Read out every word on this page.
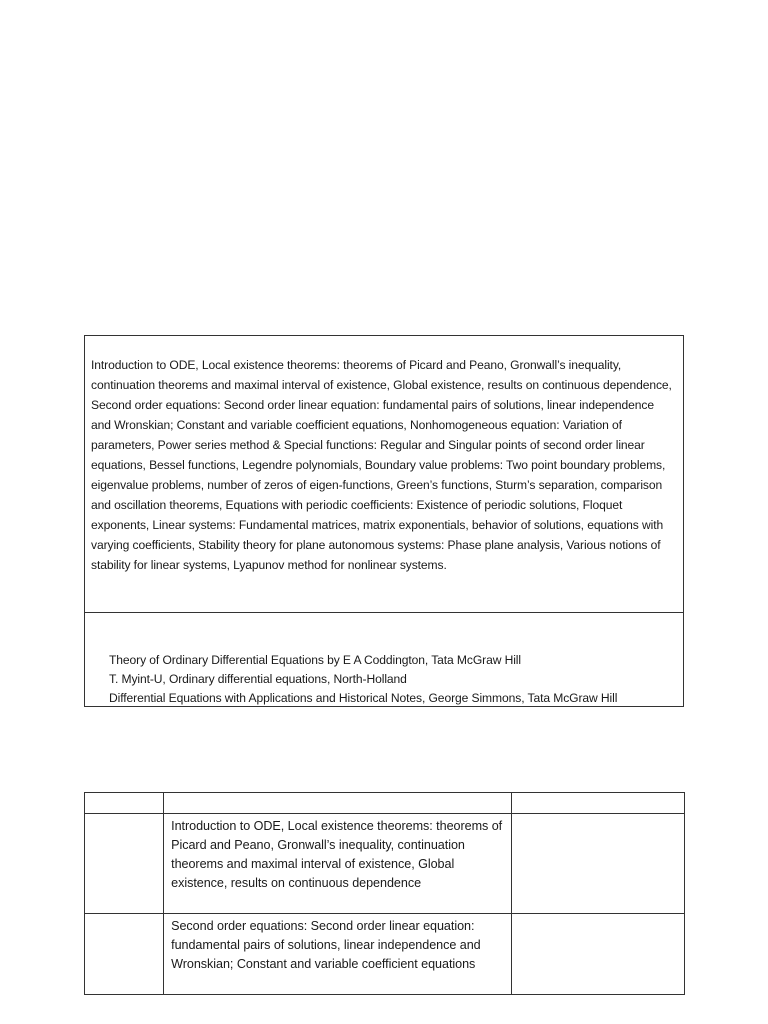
Introduction to ODE, Local existence theorems: theorems of Picard and Peano, Gronwall’s inequality, continuation theorems and maximal interval of existence, Global existence, results on continuous dependence, Second order equations: Second order linear equation: fundamental pairs of solutions, linear independence and Wronskian; Constant and variable coefficient equations, Nonhomogeneous equation: Variation of parameters, Power series method & Special functions: Regular and Singular points of second order linear equations, Bessel functions, Legendre polynomials, Boundary value problems: Two point boundary problems, eigenvalue problems, number of zeros of eigen-functions, Green’s functions, Sturm’s separation, comparison and oscillation theorems, Equations with periodic coefficients: Existence of periodic solutions, Floquet exponents, Linear systems: Fundamental matrices, matrix exponentials, behavior of solutions, equations with varying coefficients, Stability theory for plane autonomous systems: Phase plane analysis, Various notions of stability for linear systems, Lyapunov method for nonlinear systems.

Theory of Ordinary Differential Equations by E A Coddington, Tata McGraw Hill

T. Myint-U, Ordinary differential equations, North-Holland

Differential Equations with Applications and Historical Notes, George Simmons, Tata McGraw Hill

	Introduction to ODE, Local existence theorems: theorems of Picard and Peano, Gronwall’s inequality, continuation theorems and maximal interval of existence, Global existence, results on continuous dependence	
	Second order equations: Second order linear equation: fundamental pairs of solutions, linear independence and Wronskian; Constant and variable coefficient equations	
